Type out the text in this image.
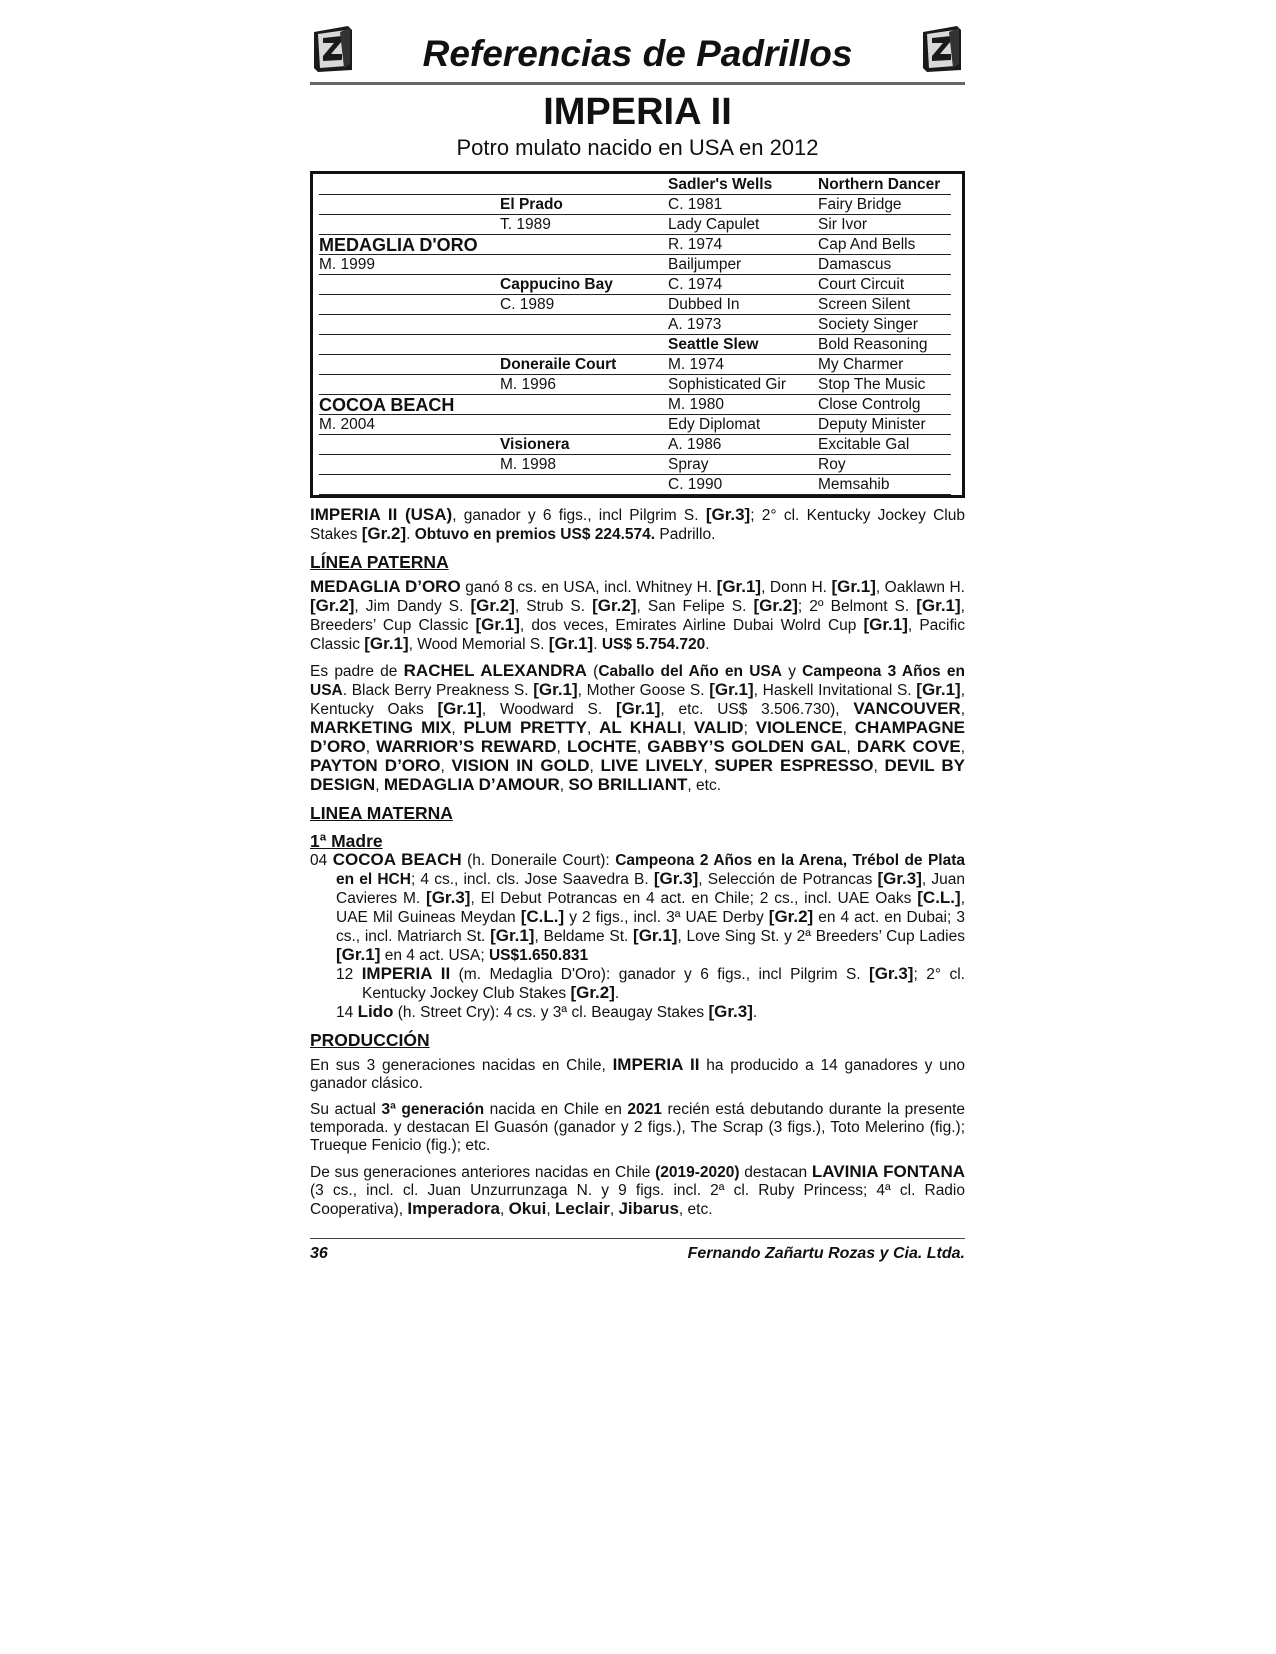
Referencias de Padrillos
IMPERIA II
Potro mulato nacido en USA en 2012
		Sadler's Wells	Northern Dancer
	El Prado	C. 1981	Fairy Bridge
	T. 1989	Lady Capulet	Sir Ivor
MEDAGLIA D'ORO		R. 1974	Cap And Bells
M. 1999		Bailjumper	Damascus
	Cappucino Bay	C. 1974	Court Circuit
	C. 1989	Dubbed In	Screen Silent
		A. 1973	Society Singer
		Seattle Slew	Bold Reasoning
	Doneraile Court	M. 1974	My Charmer
	M. 1996	Sophisticated Gir	Stop The Music
COCOA BEACH		M. 1980	Close Controlg
M. 2004		Edy Diplomat	Deputy Minister
	Visionera	A. 1986	Excitable Gal
	M. 1998	Spray	Roy
		C. 1990	Memsahib

IMPERIA II (USA), ganador y 6 figs., incl Pilgrim S. [Gr.3]; 2° cl. Kentucky Jockey Club Stakes [Gr.2]. Obtuvo en premios US$ 224.574. Padrillo.

LÍNEA PATERNA

MEDAGLIA D’ORO ganó 8 cs. en USA, incl. Whitney H. [Gr.1], Donn H. [Gr.1], Oaklawn H. [Gr.2], Jim Dandy S. [Gr.2], Strub S. [Gr.2], San Felipe S. [Gr.2]; 2º Belmont S. [Gr.1], Breeders’ Cup Classic [Gr.1], dos veces, Emirates Airline Dubai Wolrd Cup [Gr.1], Pacific Classic [Gr.1], Wood Memorial S. [Gr.1]. US$ 5.754.720.

Es padre de RACHEL ALEXANDRA (Caballo del Año en USA y Campeona 3 Años en USA. Black Berry Preakness S. [Gr.1], Mother Goose S. [Gr.1], Haskell Invitational S. [Gr.1], Kentucky Oaks [Gr.1], Woodward S. [Gr.1], etc. US$ 3.506.730), VANCOUVER, MARKETING MIX, PLUM PRETTY, AL KHALI, VALID; VIOLENCE, CHAMPAGNE D’ORO, WARRIOR’S REWARD, LOCHTE, GABBY’S GOLDEN GAL, DARK COVE, PAYTON D’ORO, VISION IN GOLD, LIVE LIVELY, SUPER ESPRESSO, DEVIL BY DESIGN, MEDAGLIA D’AMOUR, SO BRILLIANT, etc.

LINEA MATERNA
1ª Madre

04 COCOA BEACH (h. Doneraile Court): Campeona 2 Años en la Arena, Trébol de Plata en el HCH; 4 cs., incl. cls. Jose Saavedra B. [Gr.3], Selección de Potrancas [Gr.3], Juan Cavieres M. [Gr.3], El Debut Potrancas en 4 act. en Chile; 2 cs., incl. UAE Oaks [C.L.], UAE Mil Guineas Meydan [C.L.] y 2 figs., incl. 3ª UAE Derby [Gr.2] en 4 act. en Dubai; 3 cs., incl. Matriarch St. [Gr.1], Beldame St. [Gr.1], Love Sing St. y 2ª Breeders’ Cup Ladies [Gr.1] en 4 act. USA; US$1.650.831

12 IMPERIA II (m. Medaglia D'Oro): ganador y 6 figs., incl Pilgrim S. [Gr.3]; 2° cl. Kentucky Jockey Club Stakes [Gr.2].

14 Lido (h. Street Cry): 4 cs. y 3ª cl. Beaugay Stakes [Gr.3].

PRODUCCIÓN

En sus 3 generaciones nacidas en Chile, IMPERIA II ha producido a 14 ganadores y uno ganador clásico.

Su actual 3ª generación nacida en Chile en 2021 recién está debutando durante la presente temporada. y destacan El Guasón (ganador y 2 figs.), The Scrap (3 figs.), Toto Melerino (fig.); Trueque Fenicio (fig.); etc.

De sus generaciones anteriores nacidas en Chile (2019-2020) destacan LAVINIA FONTANA (3 cs., incl. cl. Juan Unzurrunzaga N. y 9 figs. incl. 2ª cl. Ruby Princess; 4ª cl. Radio Cooperativa), Imperadora, Okui, Leclair, Jibarus, etc.

36	Fernando Zañartu Rozas y Cia. Ltda.
